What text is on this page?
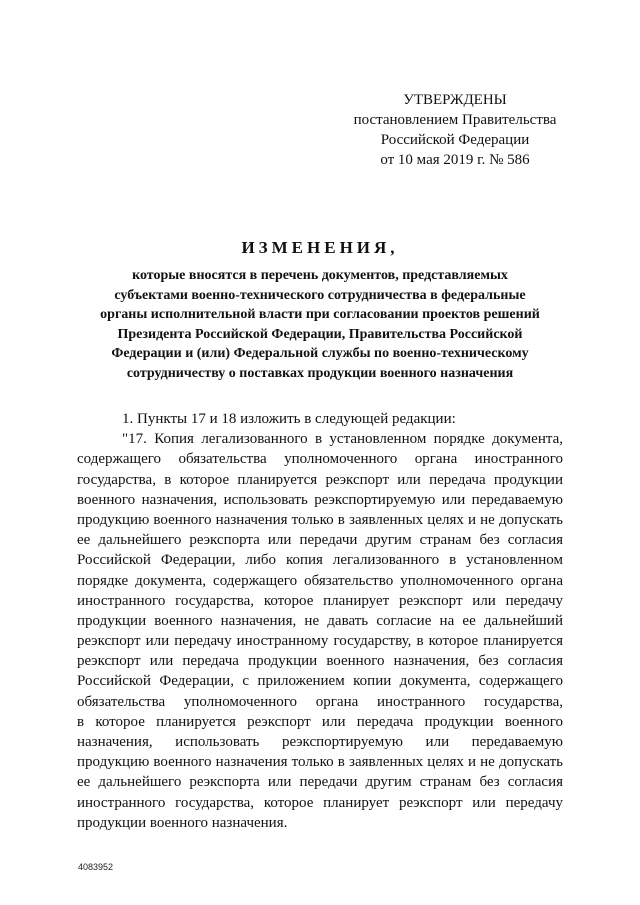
УТВЕРЖДЕНЫ
постановлением Правительства
Российской Федерации
от 10 мая 2019 г. № 586
ИЗМЕНЕНИЯ,
которые вносятся в перечень документов, представляемых
субъектами военно-технического сотрудничества в федеральные
органы исполнительной власти при согласовании проектов решений
Президента Российской Федерации, Правительства Российской
Федерации и (или) Федеральной службы по военно-техническому
сотрудничеству о поставках продукции военного назначения
1. Пункты 17 и 18 изложить в следующей редакции:
"17. Копия легализованного в установленном порядке документа,
содержащего обязательства уполномоченного органа иностранного
государства, в которое планируется реэкспорт или передача продукции
военного назначения, использовать реэкспортируемую или передаваемую
продукцию военного назначения только в заявленных целях и не допускать
ее дальнейшего реэкспорта или передачи другим странам без согласия
Российской Федерации, либо копия легализованного в установленном
порядке документа, содержащего обязательство уполномоченного органа
иностранного государства, которое планирует реэкспорт или передачу
продукции военного назначения, не давать согласие на ее дальнейший
реэкспорт или передачу иностранному государству, в которое планируется
реэкспорт или передача продукции военного назначения, без согласия
Российской Федерации, с приложением копии документа, содержащего
обязательства уполномоченного органа иностранного государства,
в которое планируется реэкспорт или передача продукции военного
назначения, использовать реэкспортируемую или передаваемую
продукцию военного назначения только в заявленных целях и не допускать
ее дальнейшего реэкспорта или передачи другим странам без согласия
иностранного государства, которое планирует реэкспорт или передачу
продукции военного назначения.
4083952
